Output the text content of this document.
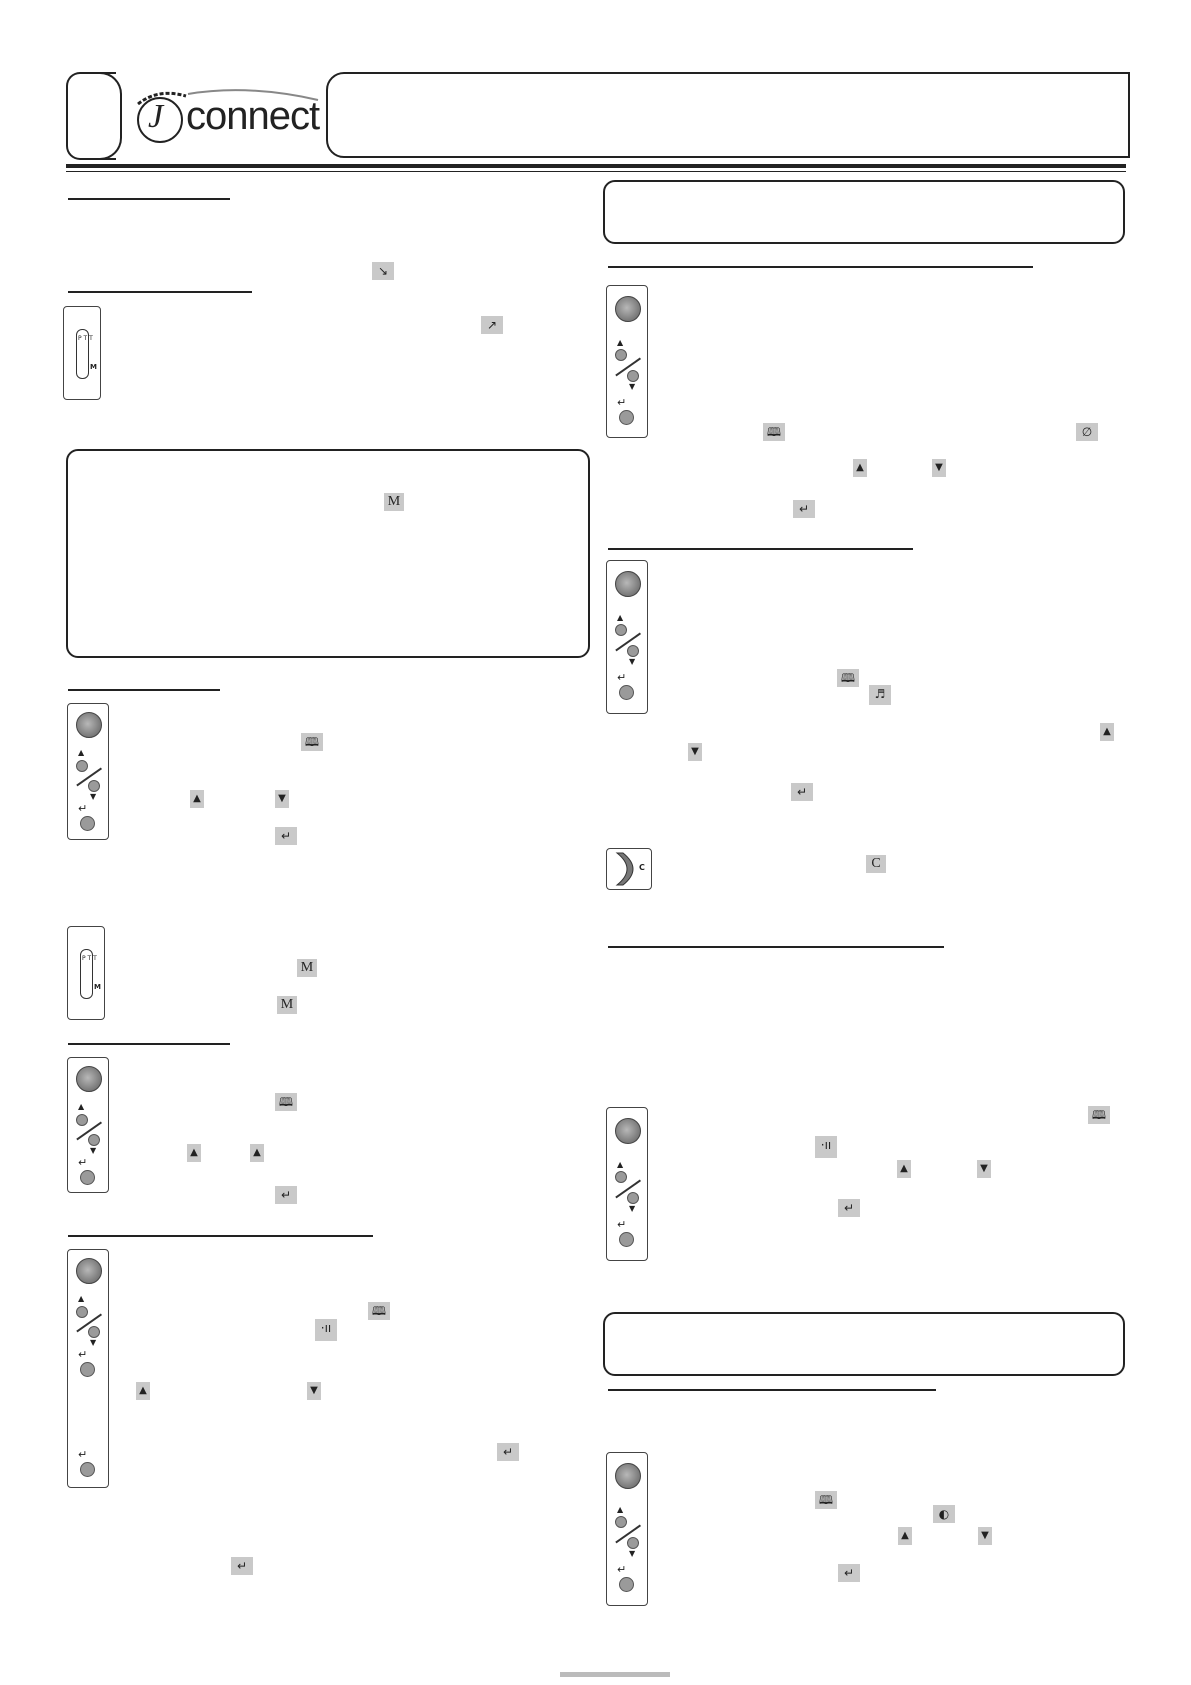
J connect
↘
P T T
M
↗
M
▲
▼
↵
🕮
▲	▼
↵
P T T
M
M
M
▲
▼
↵
🕮
▲	▲
↵
▲
▼
↵
↵
🕮
·ıı
▲	▼
↵
↵
▲
▼
↵
🕮	∅
▲	▼
↵
▲
▼
↵	🕮
♬
▲
▼
↵
C	C
▲
▼
↵
🕮
·ıı
▲	▼
↵
▲
▼
↵
🕮
◐
▲	▼
↵
